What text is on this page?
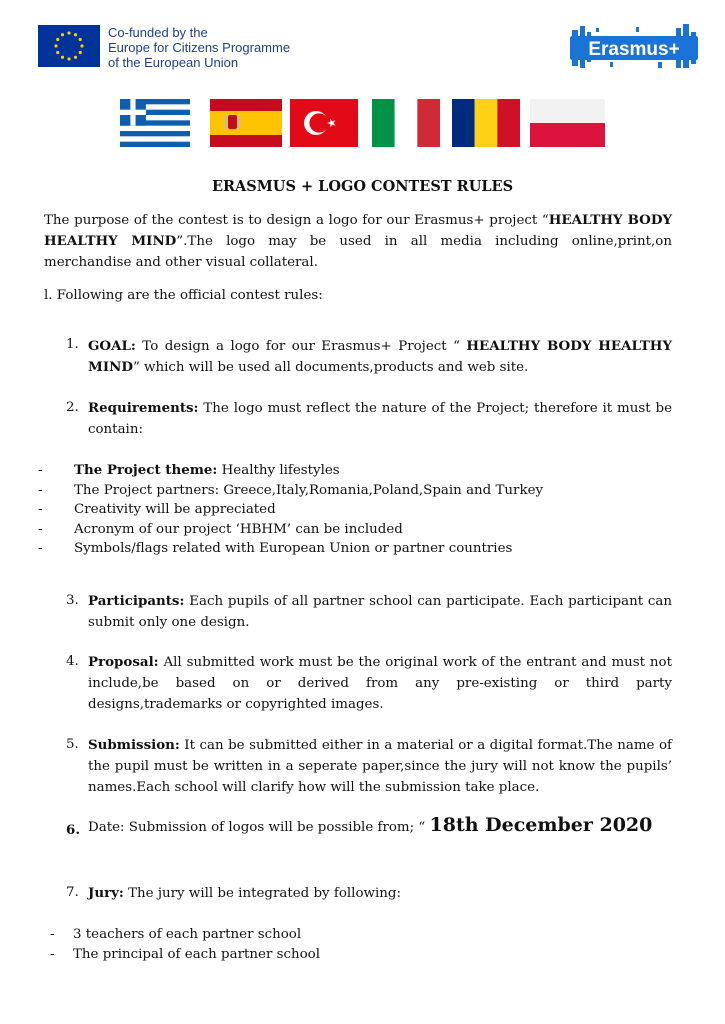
Co-funded by the
Europe for Citizens Programme
of the European Union
Erasmus+
ERASMUS + LOGO CONTEST RULES
The purpose of the contest is to design a logo for our Erasmus+ project “HEALTHY BODY HEALTHY MIND”.The logo may be used in all media including online,print,on merchandise and other visual collateral.
l. Following are the official contest rules:
1. GOAL: To design a logo for our Erasmus+ Project “ HEALTHY BODY HEALTHY MIND” which will be used all documents,products and web site.
2. Requirements: The logo must reflect the nature of the Project; therefore it must be contain:
- The Project theme: Healthy lifestyles
- The Project partners: Greece,Italy,Romania,Poland,Spain and Turkey
- Creativity will be appreciated
- Acronym of our project ‘HBHM’ can be included
- Symbols/flags related with European Union or partner countries
3. Participants: Each pupils of all partner school can participate. Each participant can submit only one design.
4. Proposal: All submitted work must be the original work of the entrant and must not include,be based on or derived from any pre-existing or third party designs,trademarks or copyrighted images.
5. Submission: It can be submitted either in a material or a digital format.The name of the pupil must be written in a seperate paper,since the jury will not know the pupils’ names.Each school will clarify how will the submission take place.
6. Date: Submission of logos will be possible from; “ 18th December 2020
7. Jury: The jury will be integrated by following:
- 3 teachers of each partner school
- The principal of each partner school
